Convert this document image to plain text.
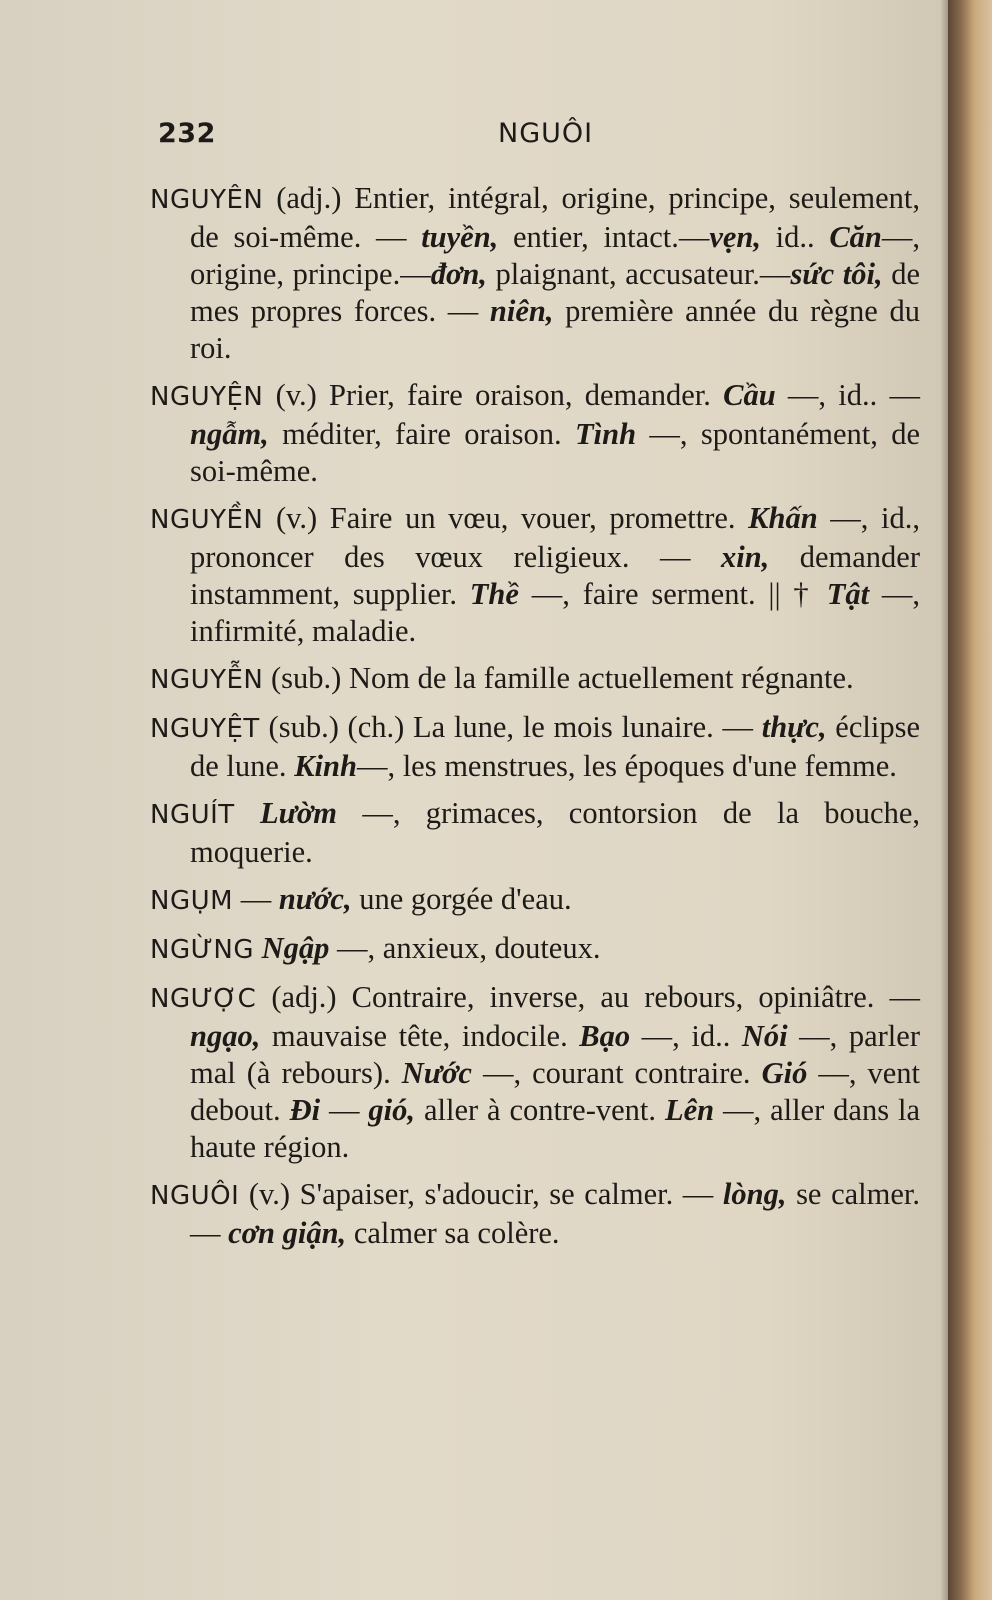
232	NGUÔI
NGUYÊN (adj.) Entier, intégral, origine, principe, seulement, de soi-même. — tuyền, entier, intact.—vẹn, id.. Căn—, origine, principe.—đơn, plaignant, accusateur.—sức tôi, de mes propres forces. — niên, première année du règne du roi.
NGUYỆN (v.) Prier, faire oraison, demander. Cầu —, id.. — ngẫm, méditer, faire oraison. Tình —, spontanément, de soi-même.
NGUYỀN (v.) Faire un vœu, vouer, promettre. Khấn —, id., prononcer des vœux religieux. — xin, demander instamment, supplier. Thề —, faire serment. || † Tật —, infirmité, maladie.
NGUYỄN (sub.) Nom de la famille actuellement régnante.
NGUYỆT (sub.) (ch.) La lune, le mois lunaire. — thực, éclipse de lune. Kinh—, les menstrues, les époques d'une femme.
NGUÍT Lườm —, grimaces, contorsion de la bouche, moquerie.
NGỤM — nước, une gorgée d'eau.
NGỪNG Ngập —, anxieux, douteux.
NGƯỢC (adj.) Contraire, inverse, au rebours, opiniâtre. — ngạo, mauvaise tête, indocile. Bạo —, id.. Nói —, parler mal (à rebours). Nước —, courant contraire. Gió —, vent debout. Đi — gió, aller à contre-vent. Lên —, aller dans la haute région.
NGUÔI (v.) S'apaiser, s'adoucir, se calmer. — lòng, se calmer. — cơn giận, calmer sa colère.
